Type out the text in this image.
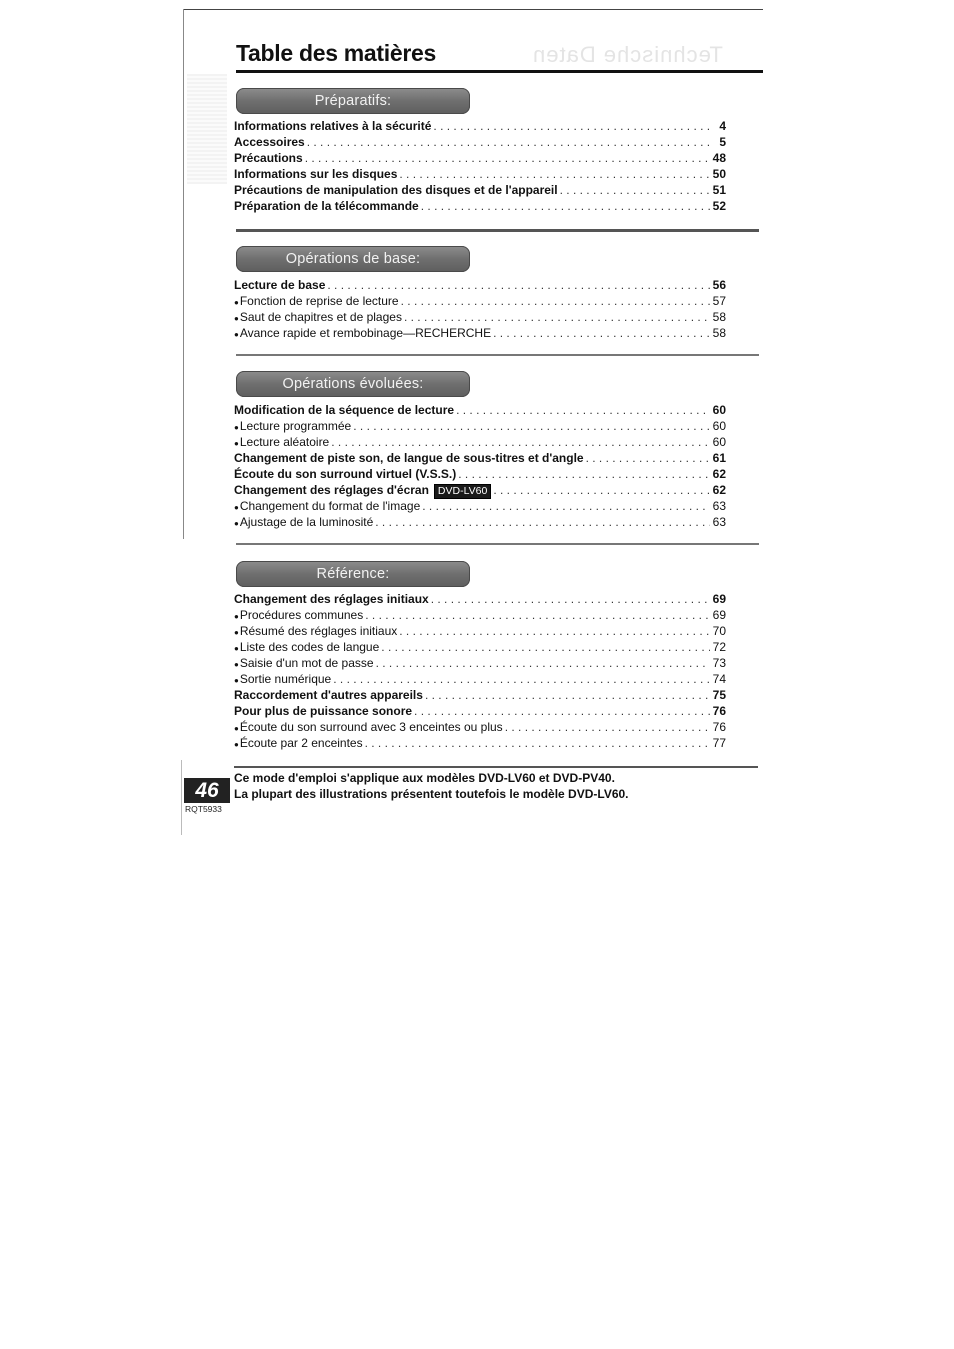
Table des matières	Technische Daten
Préparatifs:
Informations relatives à la sécurité . . .	4
Accessoires . . .	5
Précautions . . .	48
Informations sur les disques . . .	50
Précautions de manipulation des disques et de l'appareil . . .	51
Préparation de la télécommande . . .	52
Opérations de base:
Lecture de base . . .	56
●Fonction de reprise de lecture . . .	57
●Saut de chapitres et de plages . . .	58
●Avance rapide et rembobinage—RECHERCHE . . .	58
Opérations évoluées:
Modification de la séquence de lecture . . .	60
●Lecture programmée . . .	60
●Lecture aléatoire . . .	60
Changement de piste son, de langue de sous-titres et d'angle . . .	61
Écoute du son surround virtuel (V.S.S.) . . .	62
Changement des réglages d'écran DVD-LV60 . . .	62
●Changement du format de l'image . . .	63
●Ajustage de la luminosité . . .	63
Référence:
Changement des réglages initiaux . . .	69
●Procédures communes . . .	69
●Résumé des réglages initiaux . . .	70
●Liste des codes de langue . . .	72
●Saisie d'un mot de passe . . .	73
●Sortie numérique . . .	74
Raccordement d'autres appareils . . .	75
Pour plus de puissance sonore . . .	76
●Écoute du son surround avec 3 enceintes ou plus . . .	76
●Écoute par 2 enceintes . . .	77
Ce mode d'emploi s'applique aux modèles DVD-LV60 et DVD-PV40.
La plupart des illustrations présentent toutefois le modèle DVD-LV60.
46
RQT5933
